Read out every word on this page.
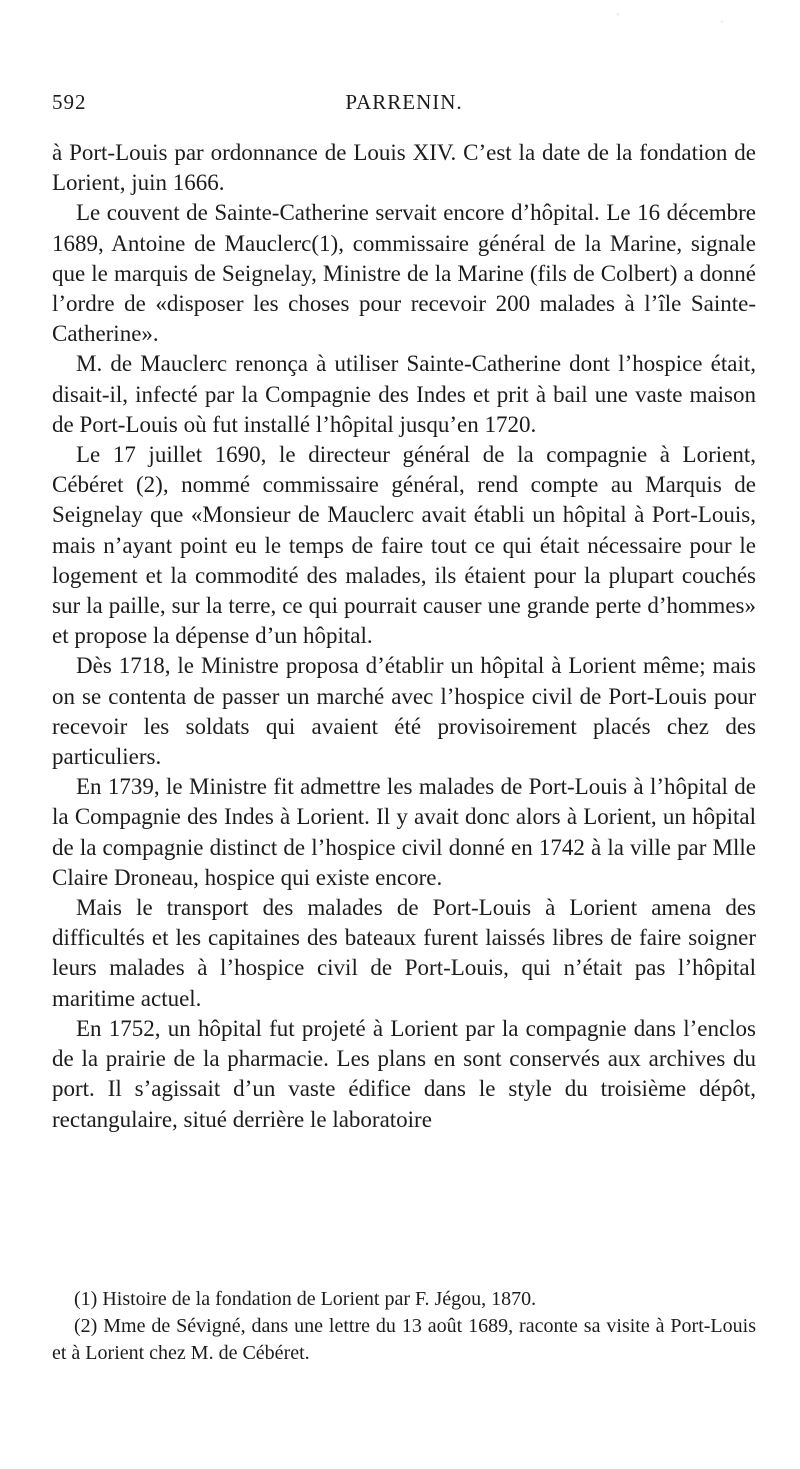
592	PARRENIN.

à Port-Louis par ordonnance de Louis XIV. C’est la date de la fondation de Lorient, juin 1666.

Le couvent de Sainte-Catherine servait encore d’hôpital. Le 16 décembre 1689, Antoine de Mauclerc(1), commissaire général de la Marine, signale que le marquis de Seignelay, Ministre de la Marine (fils de Colbert) a donné l’ordre de «disposer les choses pour recevoir 200 malades à l’île Sainte-Catherine».

M. de Mauclerc renonça à utiliser Sainte-Catherine dont l’hospice était, disait-il, infecté par la Compagnie des Indes et prit à bail une vaste maison de Port-Louis où fut installé l’hôpital jusqu’en 1720.

Le 17 juillet 1690, le directeur général de la compagnie à Lorient, Cébéret (2), nommé commissaire général, rend compte au Marquis de Seignelay que «Monsieur de Mauclerc avait établi un hôpital à Port-Louis, mais n’ayant point eu le temps de faire tout ce qui était nécessaire pour le logement et la commodité des malades, ils étaient pour la plupart couchés sur la paille, sur la terre, ce qui pourrait causer une grande perte d’hommes» et propose la dépense d’un hôpital.

Dès 1718, le Ministre proposa d’établir un hôpital à Lorient même; mais on se contenta de passer un marché avec l’hospice civil de Port-Louis pour recevoir les soldats qui avaient été provisoirement placés chez des particuliers.

En 1739, le Ministre fit admettre les malades de Port-Louis à l’hôpital de la Compagnie des Indes à Lorient. Il y avait donc alors à Lorient, un hôpital de la compagnie distinct de l’hospice civil donné en 1742 à la ville par Mlle Claire Droneau, hospice qui existe encore.

Mais le transport des malades de Port-Louis à Lorient amena des difficultés et les capitaines des bateaux furent laissés libres de faire soigner leurs malades à l’hospice civil de Port-Louis, qui n’était pas l’hôpital maritime actuel.

En 1752, un hôpital fut projeté à Lorient par la compagnie dans l’enclos de la prairie de la pharmacie. Les plans en sont conservés aux archives du port. Il s’agissait d’un vaste édifice dans le style du troisième dépôt, rectangulaire, situé derrière le laboratoire

(1) Histoire de la fondation de Lorient par F. Jégou, 1870.

(2) Mme de Sévigné, dans une lettre du 13 août 1689, raconte sa visite à Port-Louis et à Lorient chez M. de Cébéret.
